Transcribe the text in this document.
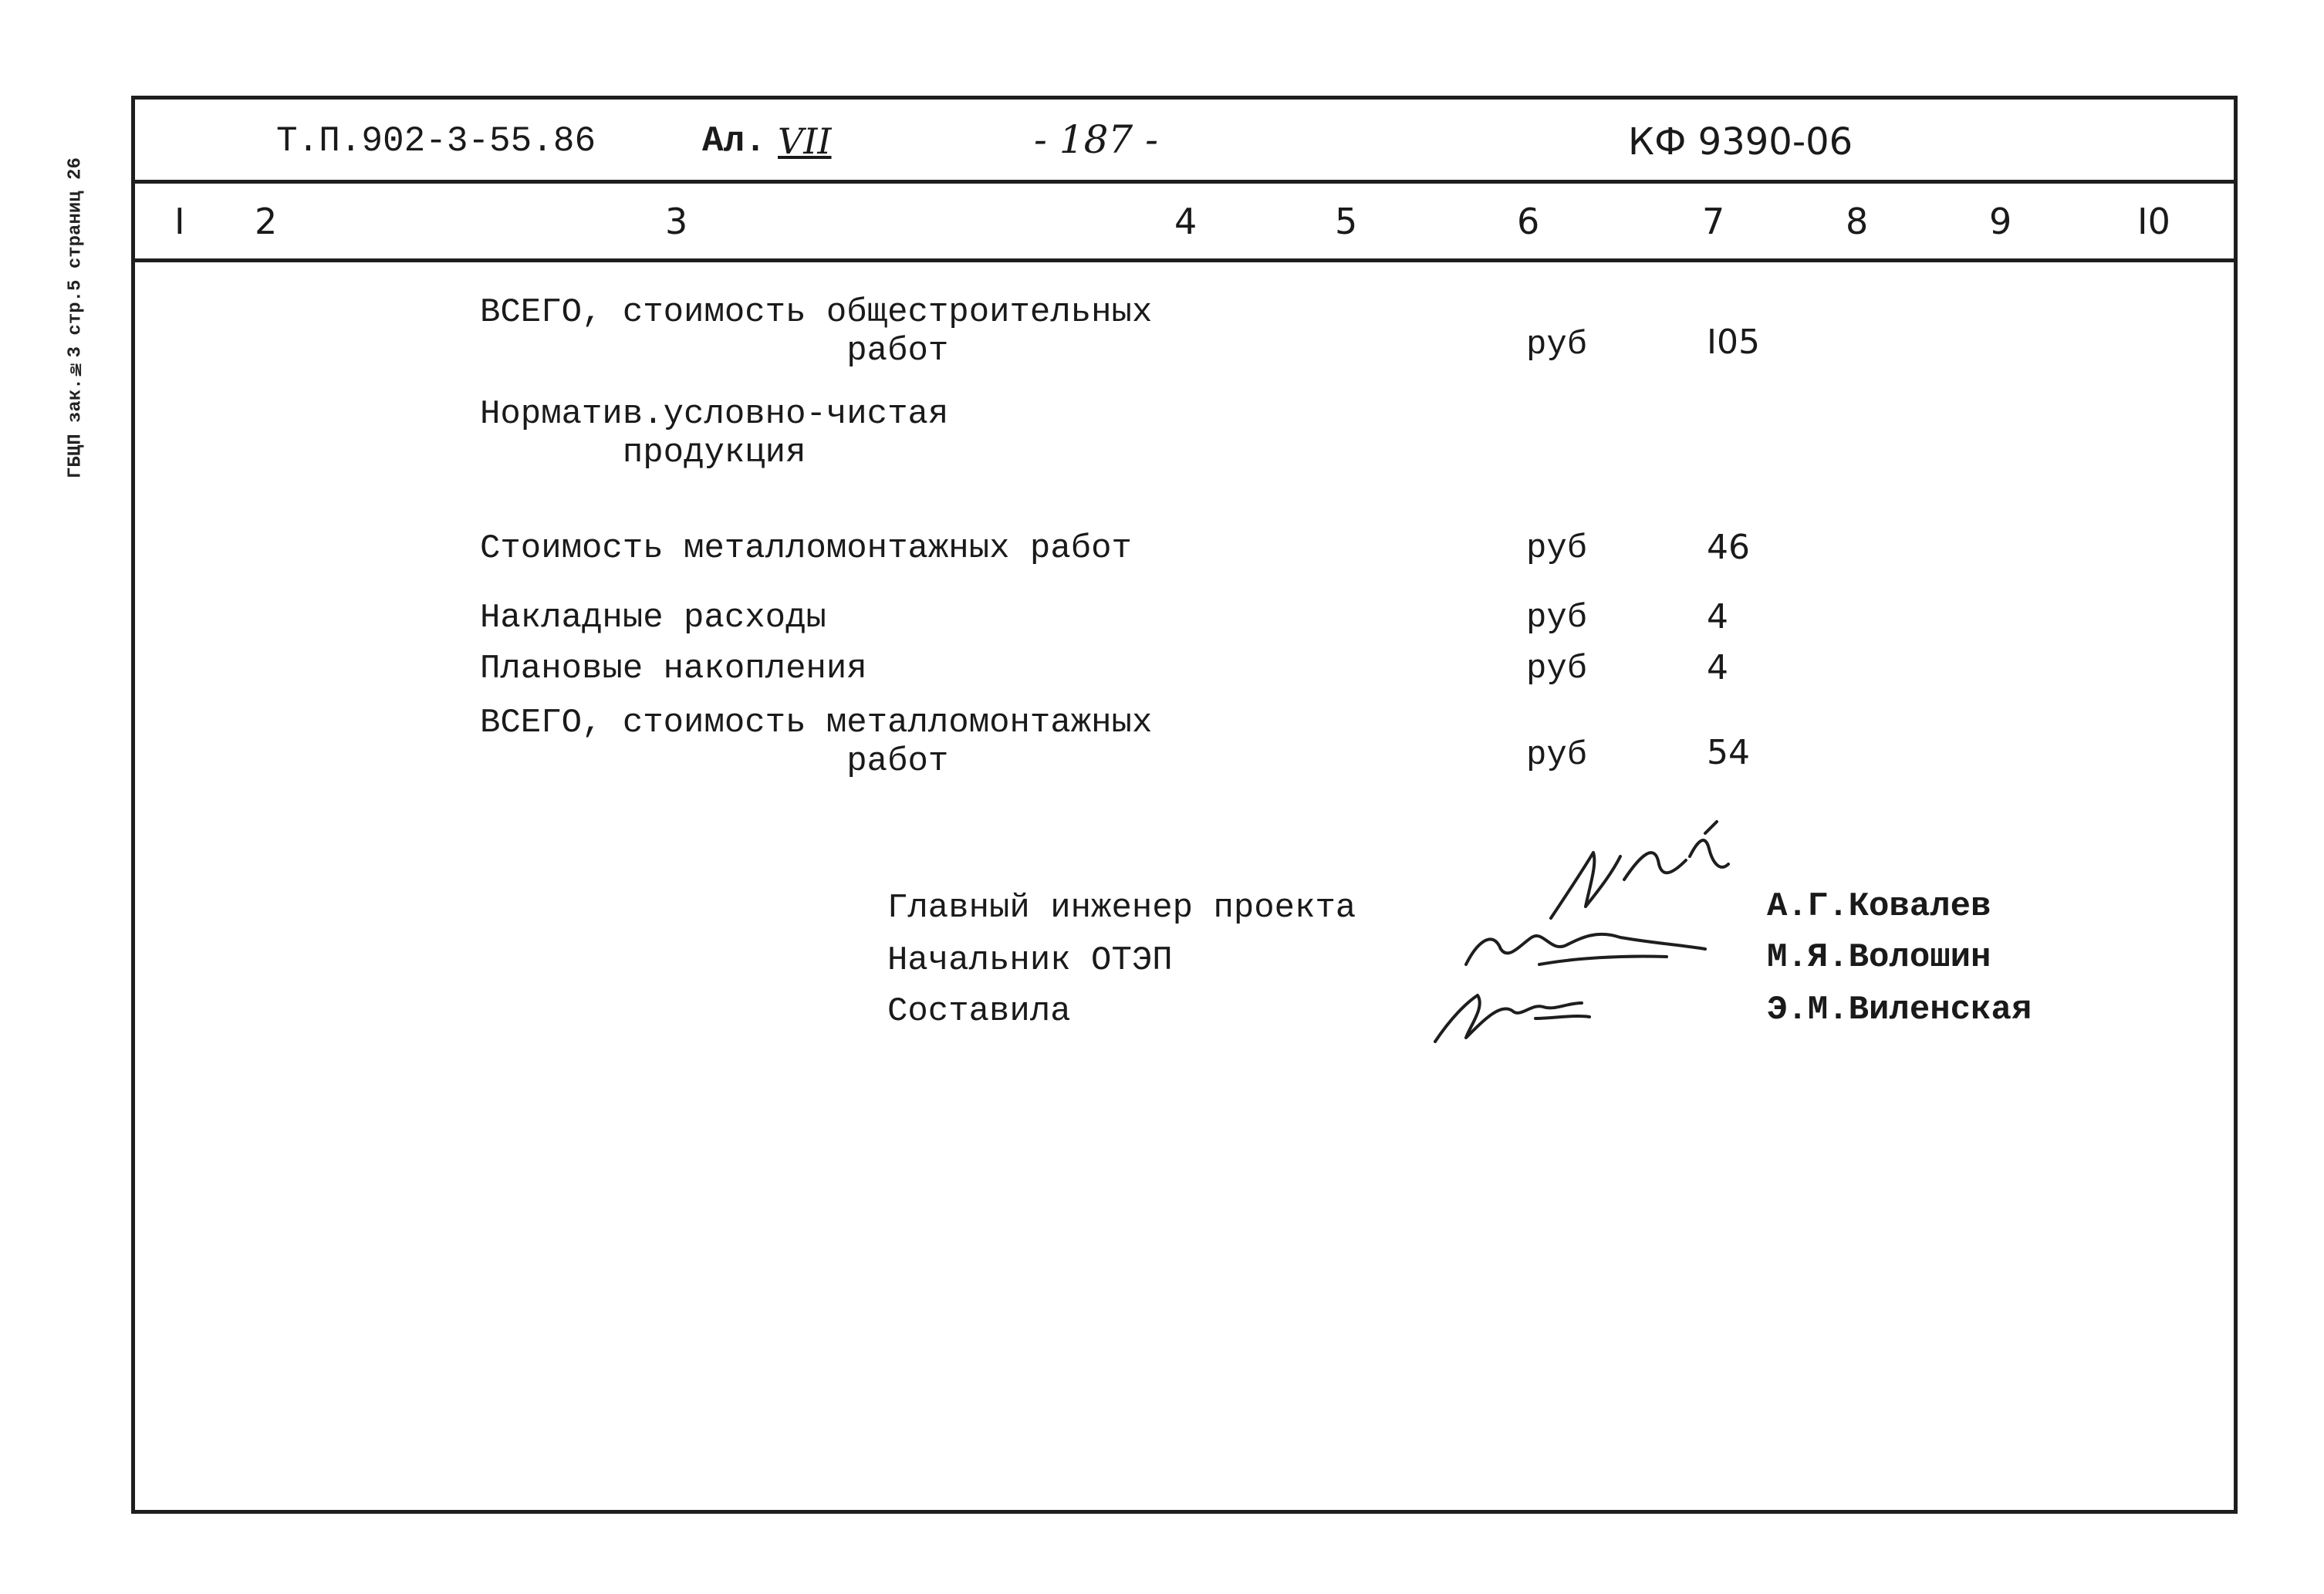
ГБЦП зак.№3 стр.5 страниц 26
Т.П.902-3-55.86	Ал. VII	- 187 -	КФ 9390-06
I 2	3	4	5	6	7	8	9	I0
ВСЕГО, стоимость общестроительных
работ	руб	I05
Норматив.условно-чистая
продукция
Стоимость металломонтажных работ	руб	46
Накладные расходы	руб	4
Плановые накопления	руб	4
ВСЕГО, стоимость металломонтажных
работ	руб	54
Главный инженер проекта	А.Г.Ковалев
Начальник ОТЭП	М.Я.Волошин
Составила	Э.М.Виленская
